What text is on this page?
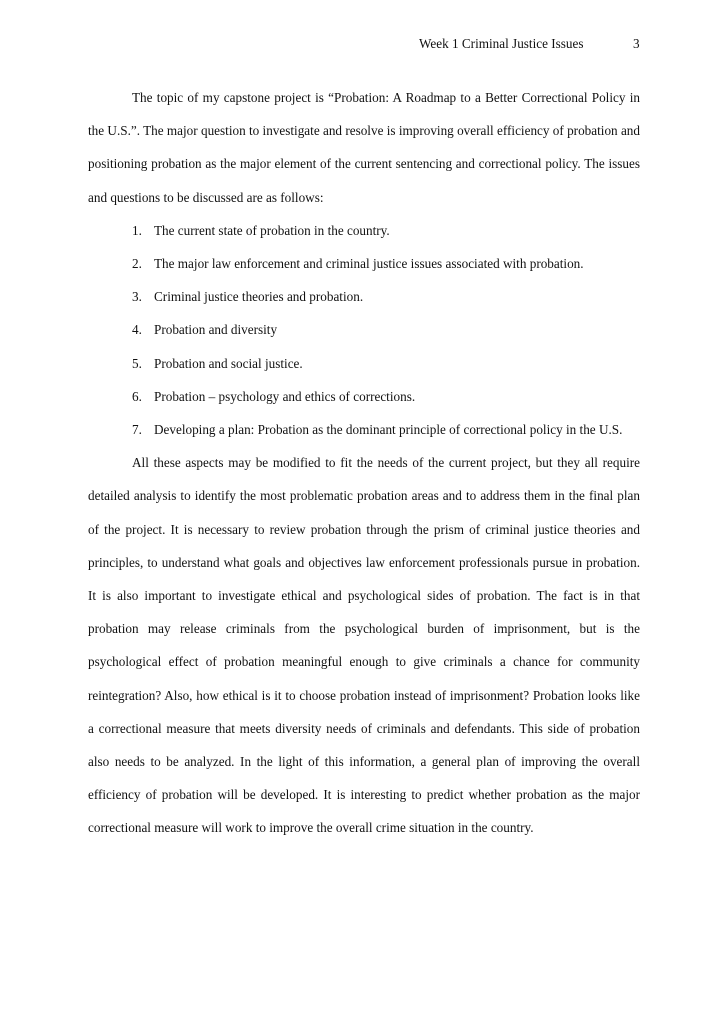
Week 1 Criminal Justice Issues	3

The topic of my capstone project is “Probation: A Roadmap to a Better Correctional Policy in the U.S.”. The major question to investigate and resolve is improving overall efficiency of probation and positioning probation as the major element of the current sentencing and correctional policy. The issues and questions to be discussed are as follows:

1. The current state of probation in the country.
2. The major law enforcement and criminal justice issues associated with probation.
3. Criminal justice theories and probation.
4. Probation and diversity
5. Probation and social justice.
6. Probation – psychology and ethics of corrections.
7. Developing a plan: Probation as the dominant principle of correctional policy in the U.S.

All these aspects may be modified to fit the needs of the current project, but they all require detailed analysis to identify the most problematic probation areas and to address them in the final plan of the project. It is necessary to review probation through the prism of criminal justice theories and principles, to understand what goals and objectives law enforcement professionals pursue in probation. It is also important to investigate ethical and psychological sides of probation. The fact is in that probation may release criminals from the psychological burden of imprisonment, but is the psychological effect of probation meaningful enough to give criminals a chance for community reintegration? Also, how ethical is it to choose probation instead of imprisonment? Probation looks like a correctional measure that meets diversity needs of criminals and defendants. This side of probation also needs to be analyzed. In the light of this information, a general plan of improving the overall efficiency of probation will be developed. It is interesting to predict whether probation as the major correctional measure will work to improve the overall crime situation in the country.
